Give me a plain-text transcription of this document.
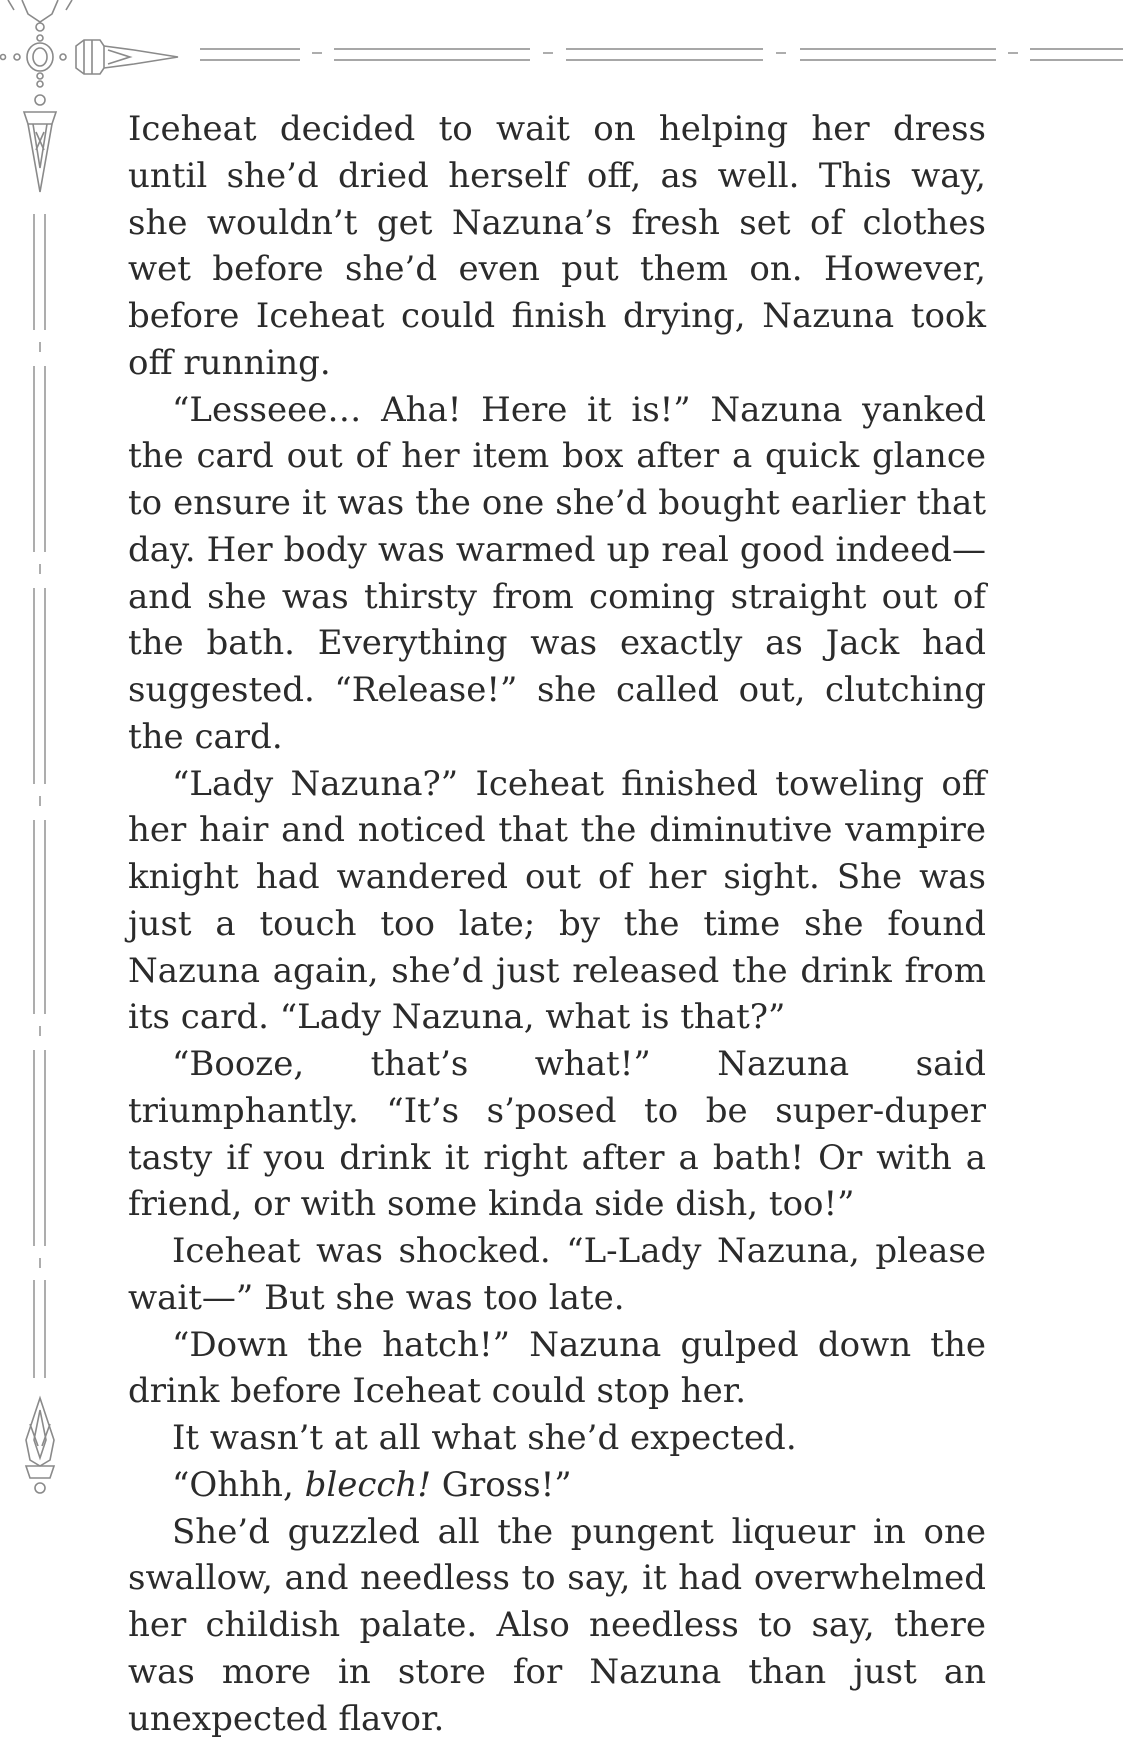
Iceheat decided to wait on helping her dress until she’d dried herself off, as well. This way, she wouldn’t get Nazuna’s fresh set of clothes wet before she’d even put them on. However, before Iceheat could finish drying, Nazuna took off running.

“Lesseee… Aha! Here it is!” Nazuna yanked the card out of her item box after a quick glance to ensure it was the one she’d bought earlier that day. Her body was warmed up real good indeed—and she was thirsty from coming straight out of the bath. Everything was exactly as Jack had suggested. “Release!” she called out, clutching the card.

“Lady Nazuna?” Iceheat finished toweling off her hair and noticed that the diminutive vampire knight had wandered out of her sight. She was just a touch too late; by the time she found Nazuna again, she’d just released the drink from its card. “Lady Nazuna, what is that?”

“Booze, that’s what!” Nazuna said triumphantly. “It’s s’posed to be super-duper tasty if you drink it right after a bath! Or with a friend, or with some kinda side dish, too!”

Iceheat was shocked. “L-Lady Nazuna, please wait—” But she was too late.

“Down the hatch!” Nazuna gulped down the drink before Iceheat could stop her.

It wasn’t at all what she’d expected.

“Ohhh, blecch! Gross!”

She’d guzzled all the pungent liqueur in one swallow, and needless to say, it had overwhelmed her childish palate. Also needless to say, there was more in store for Nazuna than just an unexpected flavor.
